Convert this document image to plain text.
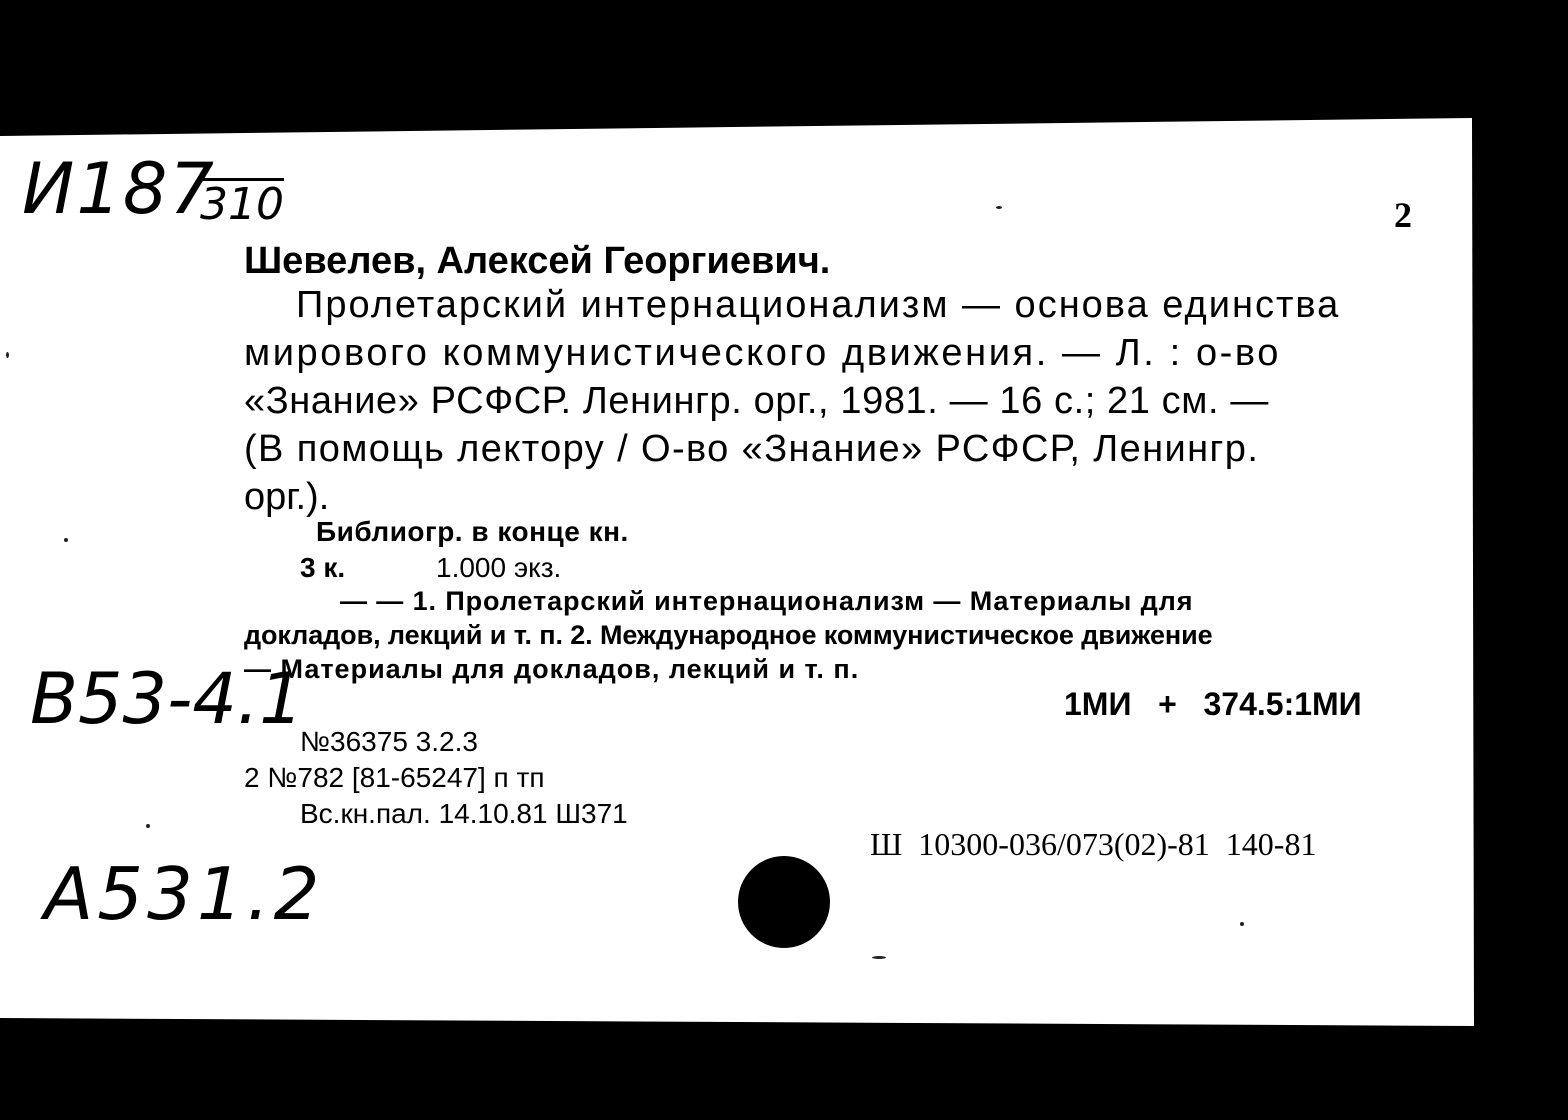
И187
310
В53-4.1
А531.2
2
Шевелев, Алексей Георгиевич.
Пролетарский интернационализм — основа единства
мирового коммунистического движения. — Л. : о-во
«Знание» РСФСР. Ленингр. орг., 1981. — 16 с.; 21 см. —
(В помощь лектору / О-во «Знание» РСФСР, Ленингр.
орг.).
Библиогр. в конце кн.
3 к.	1.000 экз.
— — 1. Пролетарский интернационализм — Материалы для
докладов, лекций и т. п. 2. Международное коммунистическое движение
— Материалы для докладов, лекций и т. п.
1МИ   +   374.5:1МИ
№36375 3.2.3
2 №782 [81-65247] п тп
Вс.кн.пал. 14.10.81 Ш371
Ш  10300-036/073(02)-81  140-81
